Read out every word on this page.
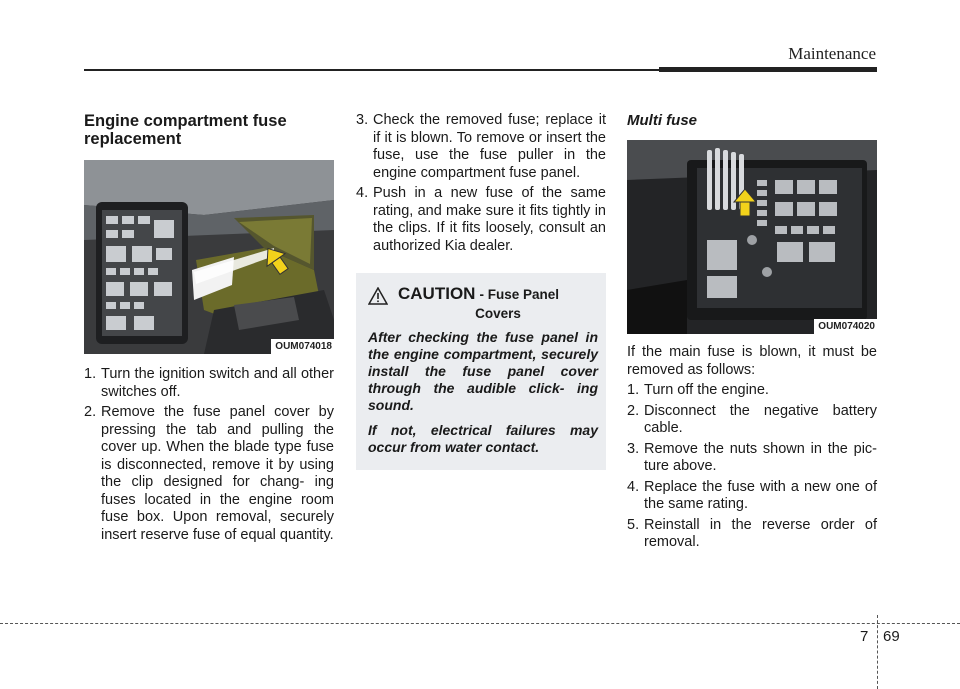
Maintenance
Engine compartment fuse replacement
OUM074018
1. Turn the ignition switch and all other switches off.
2. Remove the fuse panel cover by pressing the tab and pulling the cover up. When the blade type fuse is disconnected, remove it by using the clip designed for chang- ing fuses located in the engine room fuse box. Upon removal, securely insert reserve fuse of equal quantity.
3. Check the removed fuse; replace it if it is blown. To remove or insert the fuse, use the fuse puller in the engine compartment fuse panel.
4. Push in a new fuse of the same rating, and make sure it fits tightly in the clips. If it fits loosely, consult an authorized Kia dealer.
CAUTION - Fuse Panel
Covers

After checking the fuse panel in the engine compartment, securely install the fuse panel cover through the audible click- ing sound.

If not, electrical failures may occur from water contact.

Multi fuse
OUM074020

If the main fuse is blown, it must be removed as follows:

1. Turn off the engine.
2. Disconnect the negative battery cable.
3. Remove the nuts shown in the pic- ture above.
4. Replace the fuse with a new one of the same rating.
5. Reinstall in the reverse order of removal.
7 69
